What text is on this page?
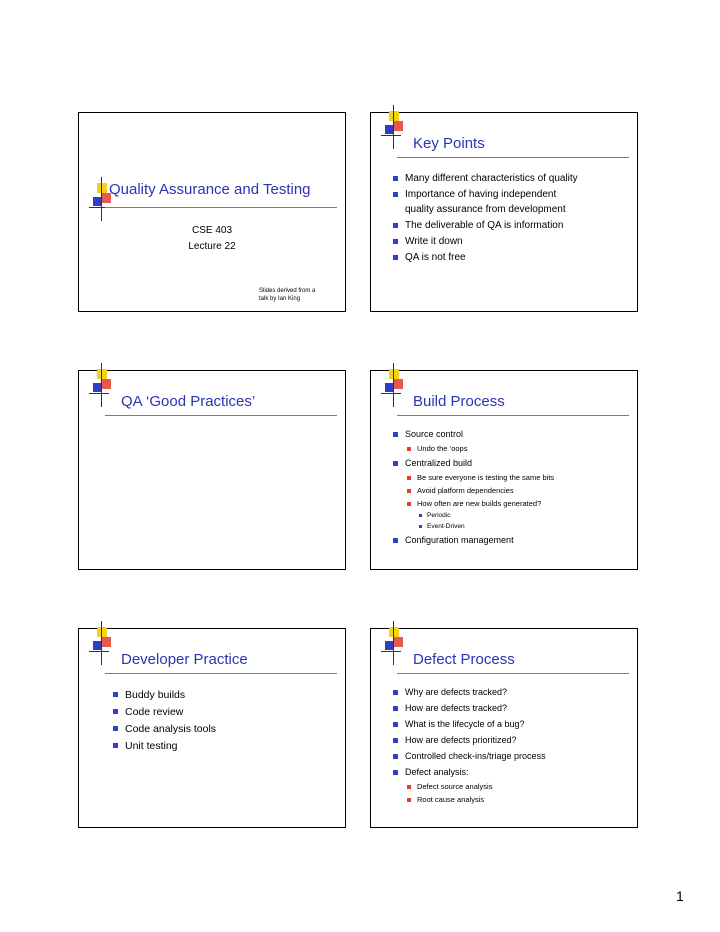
Quality Assurance and Testing
CSE 403
Lecture 22
Slides derived from a
talk by Ian King
Key Points
Many different characteristics of quality
Importance of having independent
quality assurance from development
The deliverable of QA is information
Write it down
QA is not free
QA ‘Good Practices’	Build Process
Source control
Undo the ‘oops
Centralized build
Be sure everyone is testing the same bits
Avoid platform dependencies
How often are new builds generated?
Periodic
Event-Driven
Configuration management
Developer Practice
Buddy builds
Code review
Code analysis tools
Unit testing
Defect Process
Why are defects tracked?
How are defects tracked?
What is the lifecycle of a bug?
How are defects prioritized?
Controlled check-ins/triage process
Defect analysis:
Defect source analysis
Root cause analysis
1
